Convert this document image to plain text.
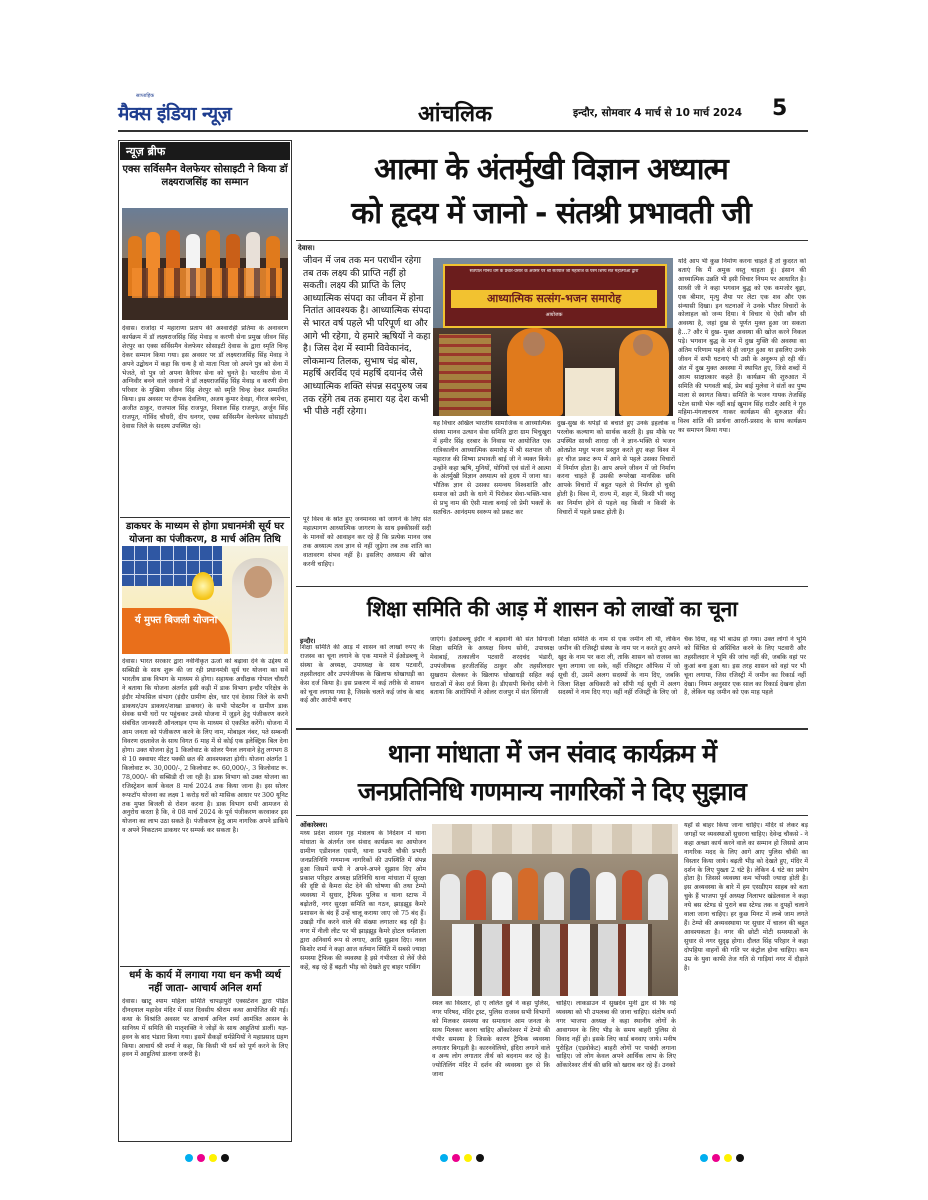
साप्ताहिक
मैक्स इंडिया न्यूज़	आंचलिक	इन्दौर, सोमवार 4 मार्च से 10 मार्च 2024 5
न्यूज़ ब्रीफ
एक्स सर्विसमैन वेलफेयर सोसाइटी ने किया डॉ लक्ष्यराजसिंह का सम्मान
देवास। राजोदा में महाराणा प्रताप की अश्वारोही प्रतिमा के अनावरण कार्यक्रम में डॉ लक्ष्यराजसिंह सिंह मेवाड़ व करणी सेना प्रमुख जीवन सिंह शेरपुर का एक्स सर्विसमैन वेलफेयर सोसाइटी देवास के द्वारा स्मृति चिन्ह देकर सम्मान किया गया। इस अवसर पर डॉ लक्ष्यराजसिंह सिंह मेवाड़ ने अपने उद्बोधन में कहा कि धन्य है वो माता पिता जो अपने पुत्र को सेना में भेजते, वो पुत्र जो अपना कैरियर सेना को चुनते है। भारतीय सेना में अग्निवीर बनने वाले जवानो ने डॉ लक्ष्यराजसिंह सिंह मेवाड़ व करणी सेना परिवार के मुखिया जीवन सिंह शेरपुर को स्मृति चिन्ह देकर सम्मानित किया। इस अवसर पर दीपक देवलिया, अजय कुमार देवड़ा, नीरज बरमेचा, अजीत ठाकुर, राजपाल सिंह राजपूत, विशाल सिंह राजपूत, अर्जुन सिंह राजपूत, गोविंद चौधरी, दीप धनगर, एक्स सर्विसमैन वेलफेयर सोसाइटी देवास जिले के सदस्य उपस्थित रहे।
डाकघर के माध्यम से होगा प्रधानमंत्री सूर्य घर योजना का पंजीकरण, 8 मार्च अंतिम तिथि
र्य मुफ्त बिजली योजना
देवास। भारत सरकार द्वारा नवीनीकृत ऊर्जा को बढ़ावा देने के उद्देश्य से सब्सिडी के साथ शुरू की जा रही प्रधानमंत्री सूर्य घर योजना का सर्वे भारतीय डाक विभाग के माध्यम से होगा। सहायक अधीक्षक गोपाल चौधरी ने बताया कि योजना अंतर्गत इसी कड़ी में डाक विभाग इन्दौर परिक्षेत्र के इंदौर मोफसिल संभाग (इंदौर ग्रामीण क्षेत्र, धार एवं देवास जिले के सभी डाकघर/उप डाकघर/शाखा डाकघर) के सभी पोस्टमैन व ग्रामीण डाक सेवक सभी घरों पर पहुंचकर उनसे योजना में जुड़ने हेतु पंजीकरण करने संबंधित जानकारी ऑनलाइन एप्प के माध्यम से एकत्रित करेंगे। योजना में आम जनता को पंजीकरण करने के लिए नाम, मोबाइल नंबर, पते सम्बन्धी विवरण दस्तावेज के साथ विगत 6 माह में से कोई एक इलेक्ट्रिक बिल देना होगा। उक्त योजना हेतु 1 किलोवाट के सोलर पैनल लगवाने हेतु लगभग 8 से 10 स्क्वायर मीटर पक्की छत की आवश्यकता होगी। योजना अंतर्गत 1 किलोवाट रू. 30,000/-, 2 किलोवाट रू. 60,000/-, 3 किलोवाट रू. 78,000/- की सब्सिडी दी जा रही है। डाक विभाग को उक्त योजना का रजिस्ट्रेशन कार्य केवल 8 मार्च 2024 तक किया जाना है। इस सोलर रूफटॉप योजना का लक्ष्य 1 करोड़ घरों को मासिक आधार पर 300 यूनिट तक मुफ्त बिजली से रोशन करना है। डाक विभाग सभी आमजन से अनुरोध करता है कि, वे 08 मार्च 2024 के पूर्व पंजीकरण करवाकर इस योजना का लाभ उठा सकते है। पंजीकरण हेतु आम नागरिक अपने डाकिये व अपने निकटतम डाकघर पर सम्पर्क कर सकता है।
धर्म के कार्य में लगाया गया धन कभी व्यर्थ नहीं जाता- आचार्य अनिल शर्मा
देवास। खाटू श्याम महिला समिति चापड़ापुरी एक्सटेंशन द्वारा पंडित दीनदयाल महादेव मंदिर में सात दिवसीय श्रीराम कथा आयोजित की गई। कथा के विश्रांति अवसर पर आचार्य अनिल शर्मा आमंत्रित आसन के सानिध्य में समिति की मातृशक्ति ने जोड़ों के साथ आहुतियां डालीं। यज्ञ-हवन के बाद भंडारा किया गया। इसमें सैकड़ों धर्मप्रेमियों ने महाप्रसाद ग्रहण किया। आचार्य श्री शर्मा ने कहा, कि किसी भी धर्म को पूर्ण करने के लिए हवन में आहुतियां डालना जरूरी है।
आत्मा के अंतर्मुखी विज्ञान अध्यात्म
को हृदय में जानो - संतश्री प्रभावती जी
देवास।
जीवन में जब तक मन पराधीन रहेगा तब तक लक्ष्य की प्राप्ति नहीं हो सकती। लक्ष्य की प्राप्ति के लिए आध्यात्मिक संपदा का जीवन में होना नितांत आवश्यक है। आध्यात्मिक संपदा से भारत वर्ष पहले भी परिपूर्ण था और आगे भी रहेगा, ये हमारे ऋषियों ने कहा है। जिस देश में स्वामी विवेकानंद, लोकमान्य तिलक, सुभाष चंद्र बोस, महर्षि अरविंद एवं महर्षि दयानंद जैसे आध्यात्मिक शक्ति संपन्न सदपुरुष जब तक रहेंगे तब तक हमारा यह देश कभी भी पीछे नहीं रहेगा।
पूरे विश्व के स्रोत हुए जनमानस को जागने के लिए संत महात्मागण आध्यात्मिक जागरण के साथ इक्कीसवीं सदी के मानवों को आवाहन कर रहे हैं कि प्रत्येक मानव जब तक अध्यात्म तत्व ज्ञान से नहीं जुड़ेगा तब तक शांति का वातावरण संभव नहीं है। इसलिए अध्यात्म की खोज करनी चाहिए।
सतपाल मानव धर्म के प्रचार-प्रसार के अवसर पर श्री सतपाल जी महाराज के परम शिष्य संत महात्माओं द्वारा
आध्यात्मिक सत्संग-भजन समारोह
आयोजक
यह विचार अखिल भारतीय सामाजिक व आध्यात्मिक संस्था मानव उत्थान सेवा समिति द्वारा ग्राम भिचुखुरा में हमीर सिंह दरबार के निवास पर आयोजित एक रात्रिकालीन आध्यात्मिक समारोह में श्री सतपाल जी महाराज की शिष्या प्रभावती बाई जी ने व्यक्त किये। उन्होंने कहा ऋषि, मुनियों, योगियों एवं संतों ने आत्मा के अंतर्मुखी विज्ञान अध्यात्म को हृदय में जाना था। भौतिक ज्ञान से उसका समन्वय विश्वशांति और समाज को उसी के धागे में पिरोकर सेवा-भक्ति-भाव से प्रभु नाम की ऐसी माला बनाई जो प्रेमी भक्तों के सतचित- आनंदमय स्वरूप को प्रकट कर
दुख-सुख के थपेड़ों से बचाते हुए उनके इहलोक व परलोक कल्याण को सार्थक करती है। इस मौके पर उपस्थित साध्वी शारदा जी ने ज्ञान-भक्ति से भजन ओतप्रोत मधुर भजन प्रस्तुत करते हुए कहा विश्व में हर चीज प्रकट रूप में आने से पहले उसका विचारों में निर्माण होता है। आप अपने जीवन में जो निर्माण करना चाहते हैं उसकी रूपरेखा मानसिक छवि आपके विचारों में बहुत पहले से निर्माण हो चुकी होती है। विश्व में, राज्य में, शहर में, किसी भी वस्तु का निर्माण होने से पहले वह किसी न किसी के विचारों में पहले प्रकट होती है।
यदि आप भी कुछ निर्माण करना चाहते हैं तो कुदरत को बताएं कि मैं अमुक वस्तु चाहता हूं। इंसान की आध्यात्मिक उन्नति भी इसी विचार नियम पर आधारित है। साध्वी जी ने कहा भगवान बुद्ध को एक कमजोर बूढ़ा, एक बीमार, मृत्यु शैया पर लेटा एक शव और एक संन्यासी दिखा। इन घटनाओं ने उनके भीतर विचारों के कोलाहल को जन्म दिया। ये विचार थे ऐसी कौन सी अवस्था है, जहां दुख से पूर्णत मुक्त हुआ जा सकता है...? और ये दुख- मुक्त अवस्था की खोज करने निकल पड़े। भगवान बुद्ध के मन में दुख मुक्ति की अवस्था का अंतिम परिणाम पहले से ही जागृत हुआ था इसलिए उनके जीवन में सभी घटनाएं भी उसी के अनुरूप हो रही थीं। अंत में दुख मुक्त अवस्था में स्थापित हुए, जिसे शब्दों में आत्म साक्षात्कार कहते हैं। कार्यक्रम की शुरुआत में समिति की भगवती बाई, प्रेम बाई मुलेवा ने संतों का पुष्प माला से स्वागत किया। समिति के भजन गायक तेजसिंह पटेल साथी भेरू नहीं बाई खुमान सिंह राठौर आदि ने गुरु महिमा-मंगलाचरण गाकर कार्यक्रम की शुरुआत की। विश्व शांति की प्रार्थना आरती-प्रसाद के साथ कार्यक्रम का समापन किया गया।
शिक्षा समिति की आड़ में शासन को लाखों का चूना
इन्दौर।
शिक्षा समिति की आड़ में शासन को लाखों रुपए के राजस्व का चूना लगाने के एक मामले में ईओडब्ल्यू ने संस्था के अध्यक्ष, उपाध्यक्ष के साथ पटवारी, तहसीलदार और उपपंजीयक के खिलाफ धोखाधड़ी का केस दर्ज किया है। इस प्रकरण में कई तरीके से शासन को चूना लगाया गया है, जिसके चलते कई जांच के बाद कई और आरोपी बनाए
जाएंगे। ईओडब्ल्यू इंदौर ने बड़वानी की संत सिंगाजी शिक्षा समिति के अध्यक्ष विनय सोनी, उपाध्यक्ष मेवाबाई, तत्कालीन पटवारी शरदचंद भंडारी, उपपंजीयक हरजीतसिंह ठाकुर और तहसीलदार सुखराम सेलकर के खिलाफ धोखाधड़ी सहित कई धाराओं में केस दर्ज किया है। डीएसपी बिनोद सोनी ने बताया कि आरोपियों ने ओलर राजपुर में संत सिंगाजी
शिक्षा समिति के नाम से एक जमीन ली थी, लेकिन जमीन की रजिस्ट्री संस्था के नाम पर न करते हुए अपने खुद के नाम पर करा ली, ताकि शासन को राजस्व का चूना लगाया जा सके, वहीं रजिस्ट्रार ऑफिस में जो सूची दी, उसमें अलग सदस्यों के नाम दिए, जबकि जिला शिक्षा अधिकारी को सौंपी गई सूची में अलग सदस्यों ने नाम दिए गए। वहीं नहीं रजिस्ट्री के लिए जो
चैक दिया, वह भी बाउंस हो गया। उक्त लोगों ने भूमि को सिंचित से असिंचित करने के लिए पटवारी और तहसीलदार ने भूमि की जांच नहीं की, जबकि वहां पर कुआं बना हुआ था। इस तरह शासन को वहां पर भी चूना लगाया, जिस रजिस्ट्री में जमीन का रिकार्ड नहीं देखा। नियम अनुसार एक साल का रिकार्ड देखना होता है, लेकिन यह जमीन को एक माह पहले
थाना मांधाता में जन संवाद कार्यक्रम में
जनप्रतिनिधि गणमान्य नागरिकों ने दिए सुझाव
ओंकारेश्वर।
मध्य प्रदेश शासन गृह मंत्रालय के निर्देशन में थाना मांधाता के अंतर्गत जन संवाद कार्यक्रम का आयोजन ग्रामीण एडीशनल एसपी, थाना प्रभारी चौकी प्रभारी जनप्रतिनिधि गणमान्य नागरिकों की उपस्थिति में संपन्न हुआ जिसमें सभी ने अपने-अपने सुझाव दिए ओम प्रकाश परिहार अध्यक्ष प्रतिनिधि थाना मांधाता में सुरक्षा की दृष्टि से कैमरा सेट देने की घोषणा की तथा टेम्पो व्यवस्था में सुधार, ट्रैफिक पुलिस व थाना स्टाफ में बढ़ोतरी, नगर सुरक्षा समिति का गठन, झाड़झूड़ कैमरे प्रशासन के बंद हैं उन्हें चालू कराया जाए जो 75 बंद हैं। उखड़ी गाँव करने वाले की संख्या लगातार बढ़ रही है। नगर में नीली लीट पर भी झाड़झूड़ कैमरे होटल धर्मशाला द्वारा अनिवार्य रूप से लगाए, आदि सुझाव दिए। नवल किशोर शर्मा ने कहा आज वर्तमान स्थिति में सबसे ज्यादा समस्या ट्रैफिक की व्यवस्था है इसे गंभीरता से लेवें जैसे कहें, बढ़ रहे हैं बढ़ती भीड़ को देखते हुए बाहर पार्किंग
स्थल का विस्तार, हो ए ललित दुबे ने कहा पुलिस, नगर परिषद, मंदिर ट्रस्ट, पुलिस राजस्व सभी विभागों को मिलकर समस्या का समाधान आम जनता के साथ मिलकर करना चाहिए ओंकारेश्वर में टेम्पो की गंभीर समस्या है जिसके कारण ट्रैफिक व्यवस्था लगातार बिगड़ती है। कारनवेलियो, इंदिरा लगाने वाले व अन्य लोग लगातार तीर्थ को बदनाम कर रहे है। ज्योतिलिंग मंदिर में दर्शन की व्यवस्था दुरु से कि जाना
चाहिए। लाकडाउन में सुखदेव मुनी द्वार से कि गई व्यवस्था को भी उपलब्ध की जाना चाहिए। संतोष वर्मा नगर भाजपा अध्यक्ष ने कहा स्थानीय लोगों के आवागमन के लिए भीड़ के समय बाहरी पुलिस से विवाद नहीं हो। इसके लिए कार्ड बनवाए जाये। मनीष पुरोहित (एडवोकेट) बाहरी लोगों पर पाबंदी लगाना चाहिए। जो लोग केवल अपने आर्थिक लाभ के लिए ओंकारेश्वर तीर्थ की छवि को खराब कर रहे हैं। उनको
यहाँ से बाहर किया जाना चाहिए। मंदिर से लेकर बड़ जगहों पर व्यवस्थाओं सुधरना चाहिए। देवेन्द्र चौकसे - ने कहा अच्छा कार्य करने वाले का सम्मान हो जिससे आम नागरिक मदद के लिए आगे आए पुलिस चौकी का विस्तार किया जाये। बढ़ती भीड़ को देखते हुए, मंदिर में दर्शन के लिए पुख्ता 2 घंटे है। लेकिन 4 घंटे का प्रयोग होता है। जिससे व्यवस्था कम भोंपसी ज्यादा होती है। इस अव्यवस्था के बारे में हम एसडीएम साहब को बता चुके हैं भाजपा पूर्व अध्यक्ष निलाभर खंडेलवाल ने कहा नये बस स्टेण्ड से पुराने बस स्टेण्ड तक व दुपहों चलाने वाला जाना चाहिए। हर कुछ मिनट में लम्बे जाम लगते हैं। टेम्पो की अव्यवस्थाया पर सुधार में चालन की बहुत आवश्यकता है। नगर की छोटी मोटी समस्याओं के सुधार से नगर सुदृढ़ होगा। दौलत सिंह परिहार ने कहा दोपहिया वाहनों की गति पर कंट्रोल होना चाहिए। कम उम्र के युवा काफी तेज गति से गाड़ियां नगर में दौड़ाते है।
